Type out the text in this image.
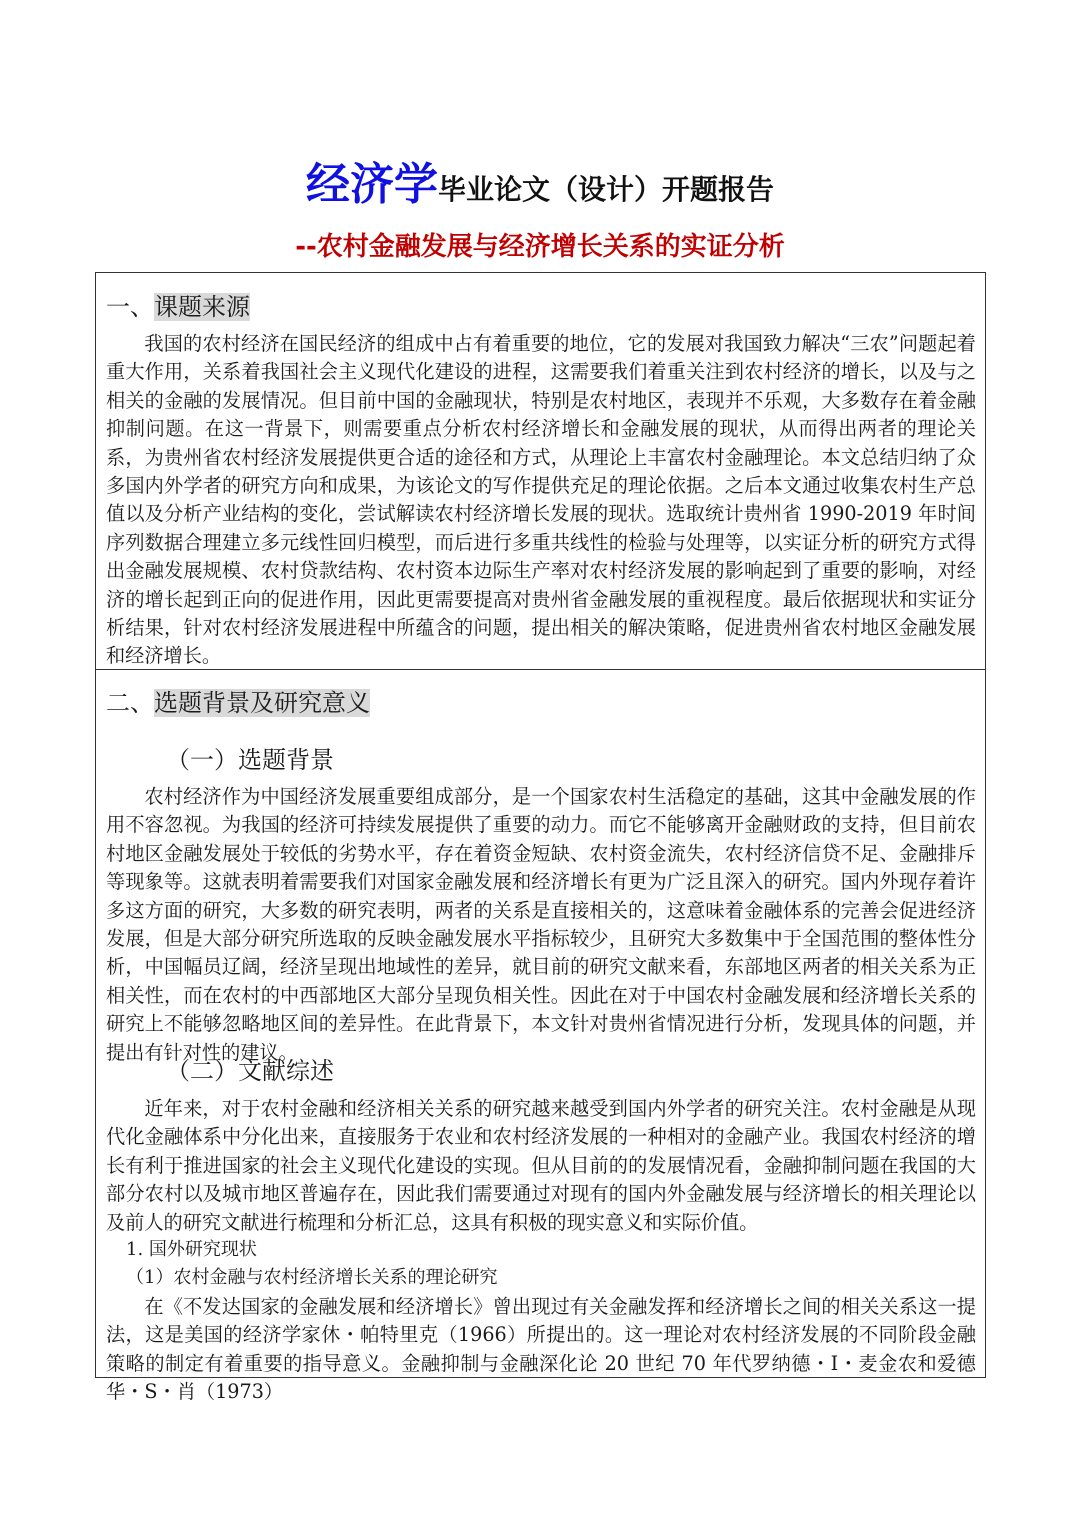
经济学毕业论文（设计）开题报告
--农村金融发展与经济增长关系的实证分析
一、课题来源
我国的农村经济在国民经济的组成中占有着重要的地位，它的发展对我国致力解决“三农”问题起着重大作用，关系着我国社会主义现代化建设的进程，这需要我们着重关注到农村经济的增长，以及与之相关的金融的发展情况。但目前中国的金融现状，特别是农村地区，表现并不乐观，大多数存在着金融抑制问题。在这一背景下，则需要重点分析农村经济增长和金融发展的现状，从而得出两者的理论关系，为贵州省农村经济发展提供更合适的途径和方式，从理论上丰富农村金融理论。本文总结归纳了众多国内外学者的研究方向和成果，为该论文的写作提供充足的理论依据。之后本文通过收集农村生产总值以及分析产业结构的变化，尝试解读农村经济增长发展的现状。选取统计贵州省 1990-2019 年时间序列数据合理建立多元线性回归模型，而后进行多重共线性的检验与处理等，以实证分析的研究方式得出金融发展规模、农村贷款结构、农村资本边际生产率对农村经济发展的影响起到了重要的影响，对经济的增长起到正向的促进作用，因此更需要提高对贵州省金融发展的重视程度。最后依据现状和实证分析结果，针对农村经济发展进程中所蕴含的问题，提出相关的解决策略，促进贵州省农村地区金融发展和经济增长。
二、选题背景及研究意义
（一）选题背景
农村经济作为中国经济发展重要组成部分，是一个国家农村生活稳定的基础，这其中金融发展的作用不容忽视。为我国的经济可持续发展提供了重要的动力。而它不能够离开金融财政的支持，但目前农村地区金融发展处于较低的劣势水平，存在着资金短缺、农村资金流失，农村经济信贷不足、金融排斥等现象等。这就表明着需要我们对国家金融发展和经济增长有更为广泛且深入的研究。国内外现存着许多这方面的研究，大多数的研究表明，两者的关系是直接相关的，这意味着金融体系的完善会促进经济发展，但是大部分研究所选取的反映金融发展水平指标较少，且研究大多数集中于全国范围的整体性分析，中国幅员辽阔，经济呈现出地域性的差异，就目前的研究文献来看，东部地区两者的相关关系为正相关性，而在农村的中西部地区大部分呈现负相关性。因此在对于中国农村金融发展和经济增长关系的研究上不能够忽略地区间的差异性。在此背景下，本文针对贵州省情况进行分析，发现具体的问题，并提出有针对性的建议。
（二）文献综述
近年来，对于农村金融和经济相关关系的研究越来越受到国内外学者的研究关注。农村金融是从现代化金融体系中分化出来，直接服务于农业和农村经济发展的一种相对的金融产业。我国农村经济的增长有利于推进国家的社会主义现代化建设的实现。但从目前的的发展情况看，金融抑制问题在我国的大部分农村以及城市地区普遍存在，因此我们需要通过对现有的国内外金融发展与经济增长的相关理论以及前人的研究文献进行梳理和分析汇总，这具有积极的现实意义和实际价值。
1. 国外研究现状
（1）农村金融与农村经济增长关系的理论研究
在《不发达国家的金融发展和经济增长》曾出现过有关金融发挥和经济增长之间的相关关系这一提法，这是美国的经济学家休・帕特里克（1966）所提出的。这一理论对农村经济发展的不同阶段金融策略的制定有着重要的指导意义。金融抑制与金融深化论 20 世纪 70 年代罗纳德・I・麦金农和爱德华・S・肖（1973）
